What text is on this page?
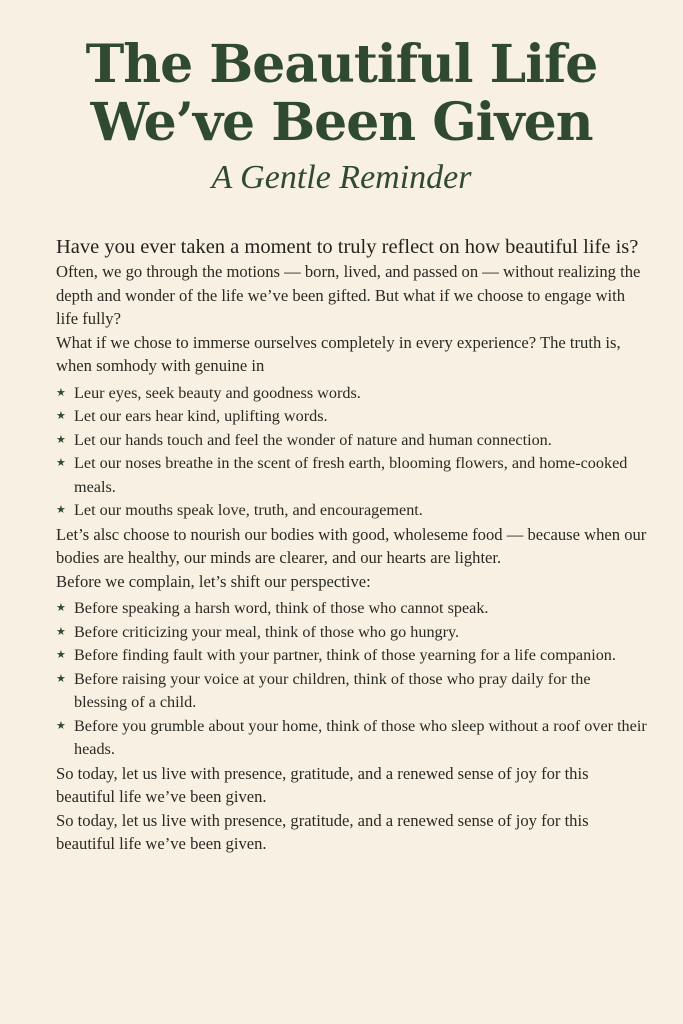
The Beautiful Life
We’ve Been Given
A Gentle Reminder
Have you ever taken a moment to truly reflect on how beautiful life is?

Often, we go through the motions — born, lived, and passed on — without realizing the depth and wonder of the life we’ve been gifted. But what if we choose to engage with life fully?

What if we chose to immerse ourselves completely in every experience? The truth is, when somhody with genuine in

★ Leur eyes, seek beauty and goodness words.
★ Let our ears hear kind, uplifting words.
★ Let our hands touch and feel the wonder of nature and human connection.
★ Let our noses breathe in the scent of fresh earth, blooming flowers, and home-cooked meals.
★ Let our mouths speak love, truth, and encouragement.

Let’s alsc choose to nourish our bodies with good, wholeseme food — because when our bodies are healthy, our minds are clearer, and our hearts are lighter.

Before we complain, let’s shift our perspective:

★ Before speaking a harsh word, think of those who cannot speak.
★ Before criticizing your meal, think of those who go hungry.
★ Before finding fault with your partner, think of those yearning for a life companion.
★ Before raising your voice at your children, think of those who pray daily for the blessing of a child.
★ Before you grumble about your home, think of those who sleep without a roof over their heads.

So today, let us live with presence, gratitude, and a renewed sense of joy for this beautiful life we’ve been given.

So today, let us live with presence, gratitude, and a renewed sense of joy for this beautiful life we’ve been given.
